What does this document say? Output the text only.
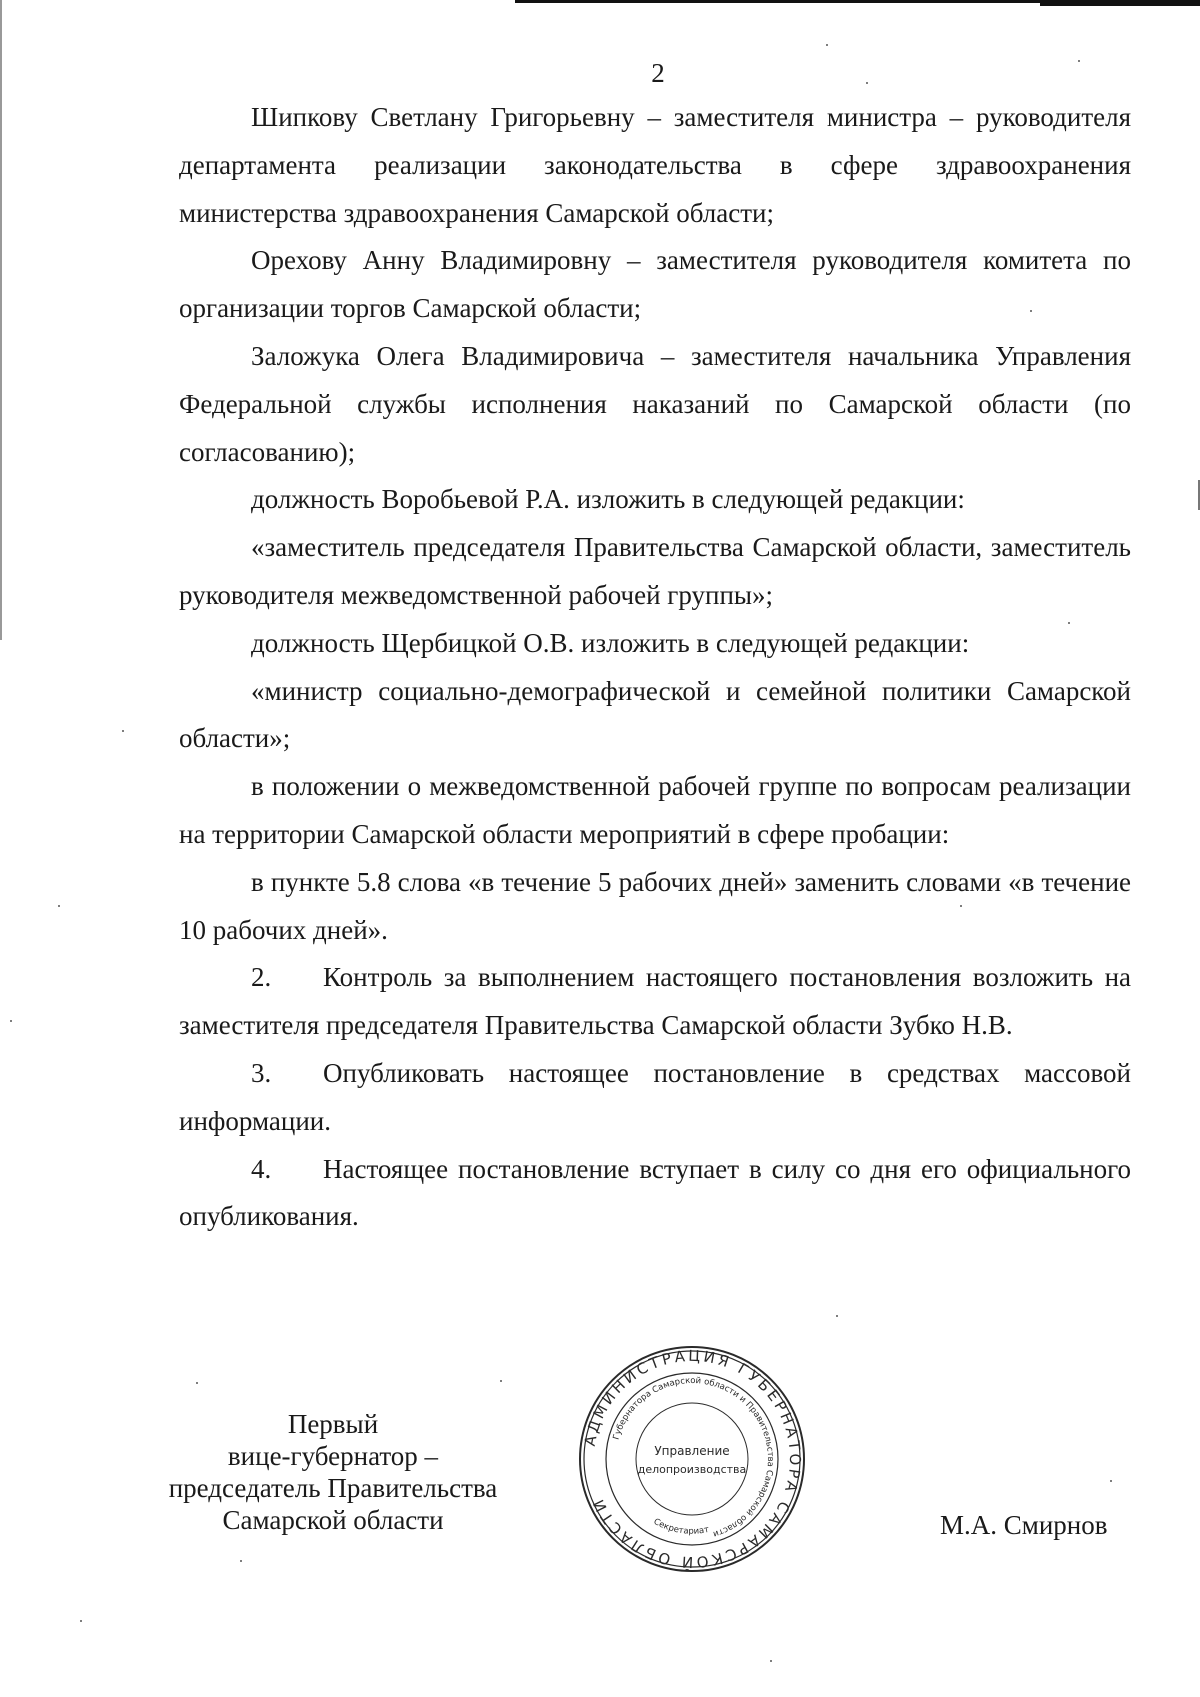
2

Шипкову Светлану Григорьевну – заместителя министра – руководителя департамента реализации законодательства в сфере здравоохранения министерства здравоохранения Самарской области;

Орехову Анну Владимировну – заместителя руководителя комитета по организации торгов Самарской области;

Заложука Олега Владимировича – заместителя начальника Управления Федеральной службы исполнения наказаний по Самарской области (по согласованию);

должность Воробьевой Р.А. изложить в следующей редакции:

«заместитель председателя Правительства Самарской области, заместитель руководителя межведомственной рабочей группы»;

должность Щербицкой О.В. изложить в следующей редакции:

«министр социально-демографической и семейной политики Самарской области»;

в положении о межведомственной рабочей группе по вопросам реализации на территории Самарской области мероприятий в сфере пробации:

в пункте 5.8 слова «в течение 5 рабочих дней» заменить словами «в течение 10 рабочих дней».

2. Контроль за выполнением настоящего постановления возложить на заместителя председателя Правительства Самарской области Зубко Н.В.

3. Опубликовать настоящее постановление в средствах массовой информации.

4. Настоящее постановление вступает в силу со дня его официального опубликования.

Первый
вице-губернатор –
председатель Правительства
Самарской области
АДМИНИСТРАЦИЯ ГУБЕРНАТОРА САМАРСКОЙ ОБЛАСТИ
Губернатора Самарской области и Правительства Самарской области
Секретариат
Управление
делопроизводства
М.А. Смирнов
